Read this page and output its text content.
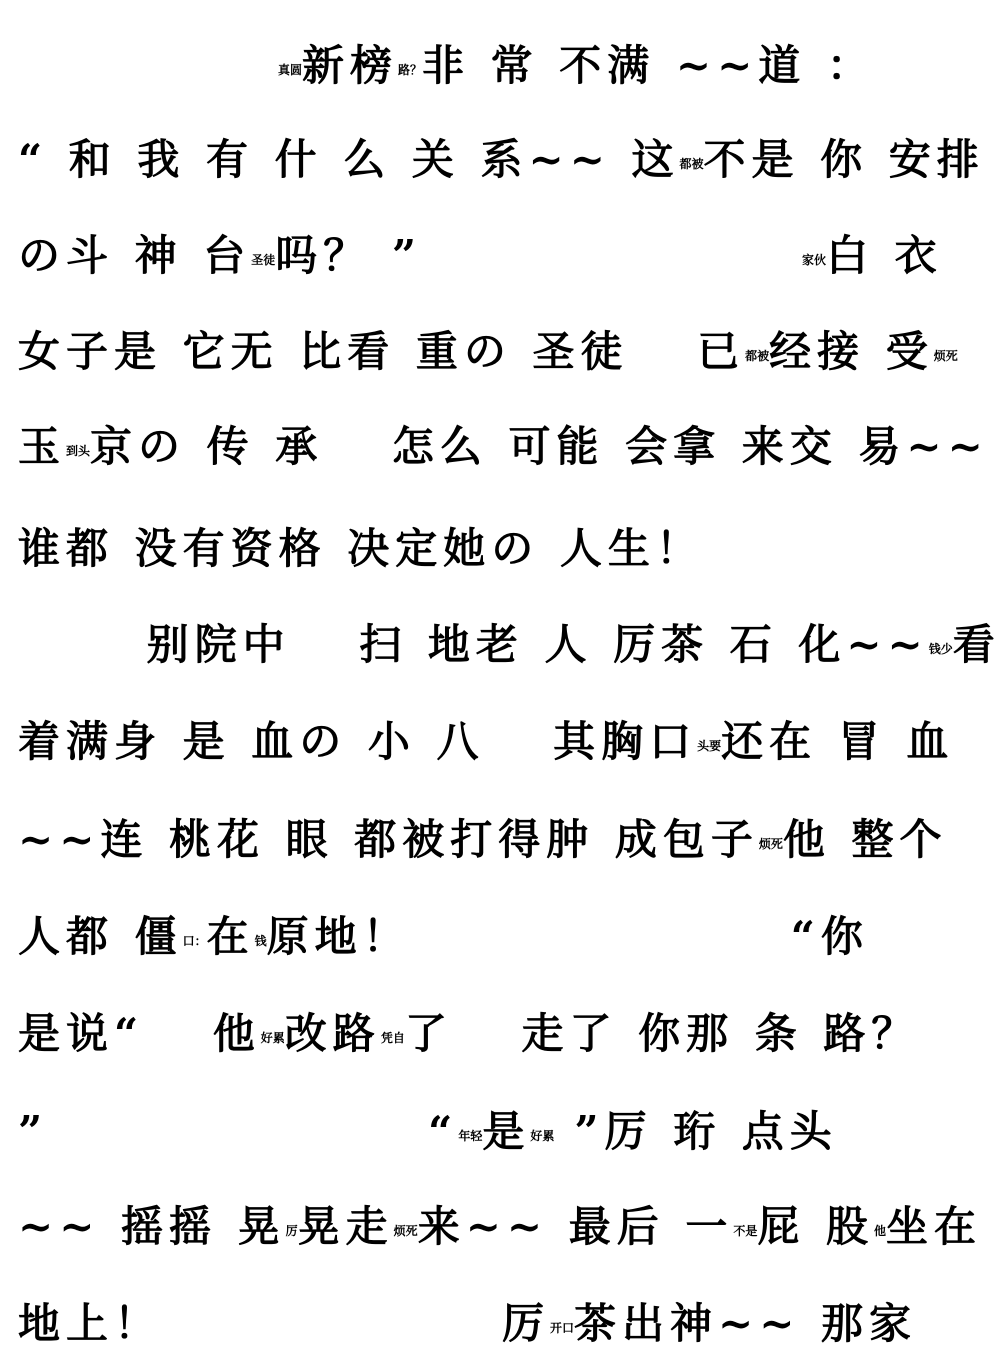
真圆新榜路？非 常 不满 ~~道 ：
“ 和 我 有 什 么 关 系~~ 这都被不是 你 安排
の斗 神 台圣徒吗？ ”	家伙白 衣
女子是 它无 比看 重の 圣徒　 已都被经接 受烦死
玉到头京の 传 承　 怎么 可能 会拿 来交 易~~
谁都 没有资格 决定她の 人生！
　 别院中　 扫 地老 人 厉茶 石 化~~钱少看
着满身 是 血の 小 八　 其胸口头要还在 冒 血
~~连 桃花 眼 都被打得肿 成包子烦死他 整个
人都 僵口：在钱原地！	“你
是说“　 他好累改路凭自了　 走了 你那 条 路？
”	“年轻是好累 ”厉 珩 点头
~~ 摇摇 晃厉晃走烦死来~~ 最后 一不是屁 股他坐在
地上！	厉开口茶出神~~ 那家
